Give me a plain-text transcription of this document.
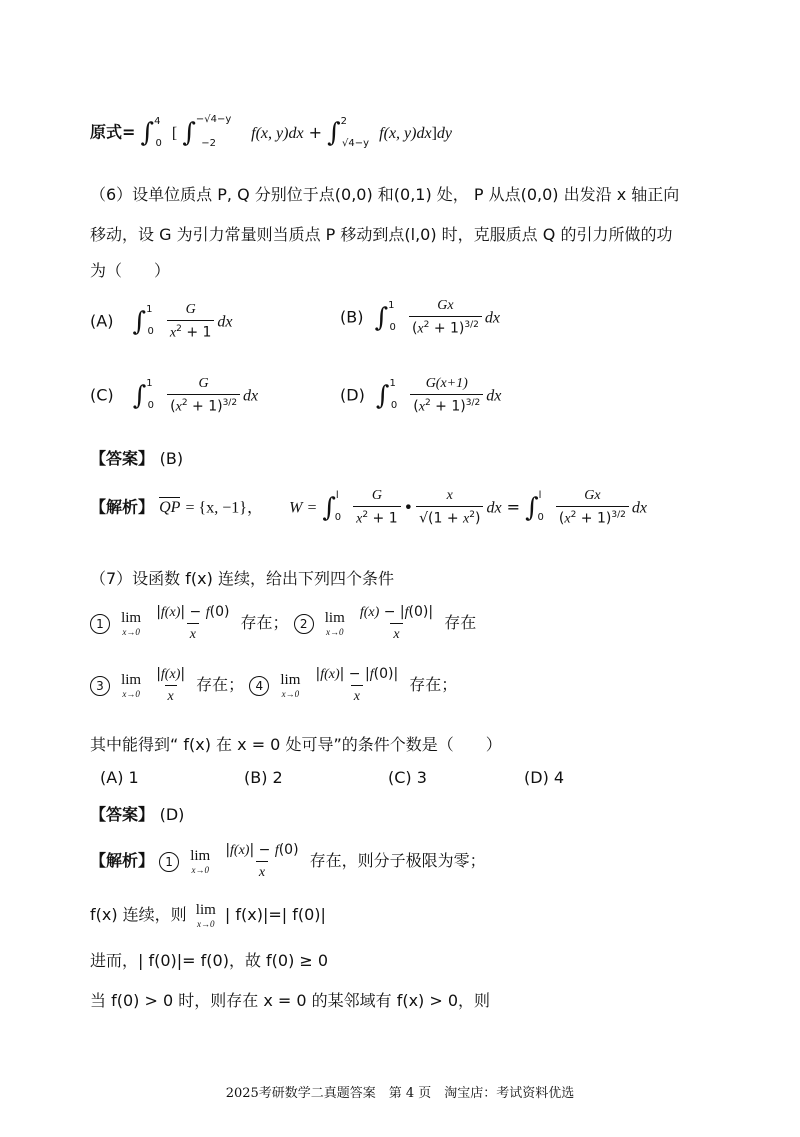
原式= ∫$^4_0$ [ ∫$^{-√4-y}_{-2}$ f(x, y)dx + ∫$^2_{√4-y}$ f(x, y)dx]dy
（6）设单位质点 P, Q 分别位于点(0,0) 和(0,1) 处， P 从点(0,0) 出发沿 x 轴正向
移动，设 G 为引力常量则当质点 P 移动到点(l,0) 时，克服质点 Q 的引力所做的功
为（　　）
(A) $\int^1_0 \frac{G}{x^2 + 1}$ dx	(B) $\int^1_0 \frac{Gx}{(x^2 + 1)^{3/2}}$ dx
(C) $\int^1_0 \frac{G}{(x^2 + 1)^{3/2}}$ dx	(D) $\int^1_0 \frac{G(x+1)}{(x^2 + 1)^{3/2}}$ dx
【答案】 (B)
【解析】 QP = {x, −1}， $W = \int^l_0 \frac{G}{x^2 + 1}$ • $\frac{x}{√(1 + x^2)}$ dx = $\int^l_0 \frac{Gx}{(x^2 + 1)^{3/2}}$ dx
（7）设函数 f(x) 连续，给出下列四个条件
1 lim
x→0
$\frac{|f(x)| - f(0)}{x}$ 存在； 2 lim
x→0
$\frac{f(x) - |f(0)|}{x}$ 存在
3 lim
x→0
$\frac{|f(x)|}{x}$ 存在； 4 lim
x→0
$\frac{|f(x)| - |f(0)|}{x}$ 存在；
其中能得到“ f(x) 在 x = 0 处可导”的条件个数是（　　）
(A) 1	(B) 2	(C) 3	(D) 4
【答案】 (D)
【解析】 1 lim
x→0
$\frac{|f(x)| - f(0)}{x}$ 存在，则分子极限为零；
f(x) 连续，则 lim
x→0 | f(x)|=| f(0)|
进而，| f(0)|= f(0)，故 f(0) ≥ 0
当 f(0) > 0 时，则存在 x = 0 的某邻域有 f(x) > 0，则
2025考研数学二真题答案　第 4 页　淘宝店：考试资料优选
